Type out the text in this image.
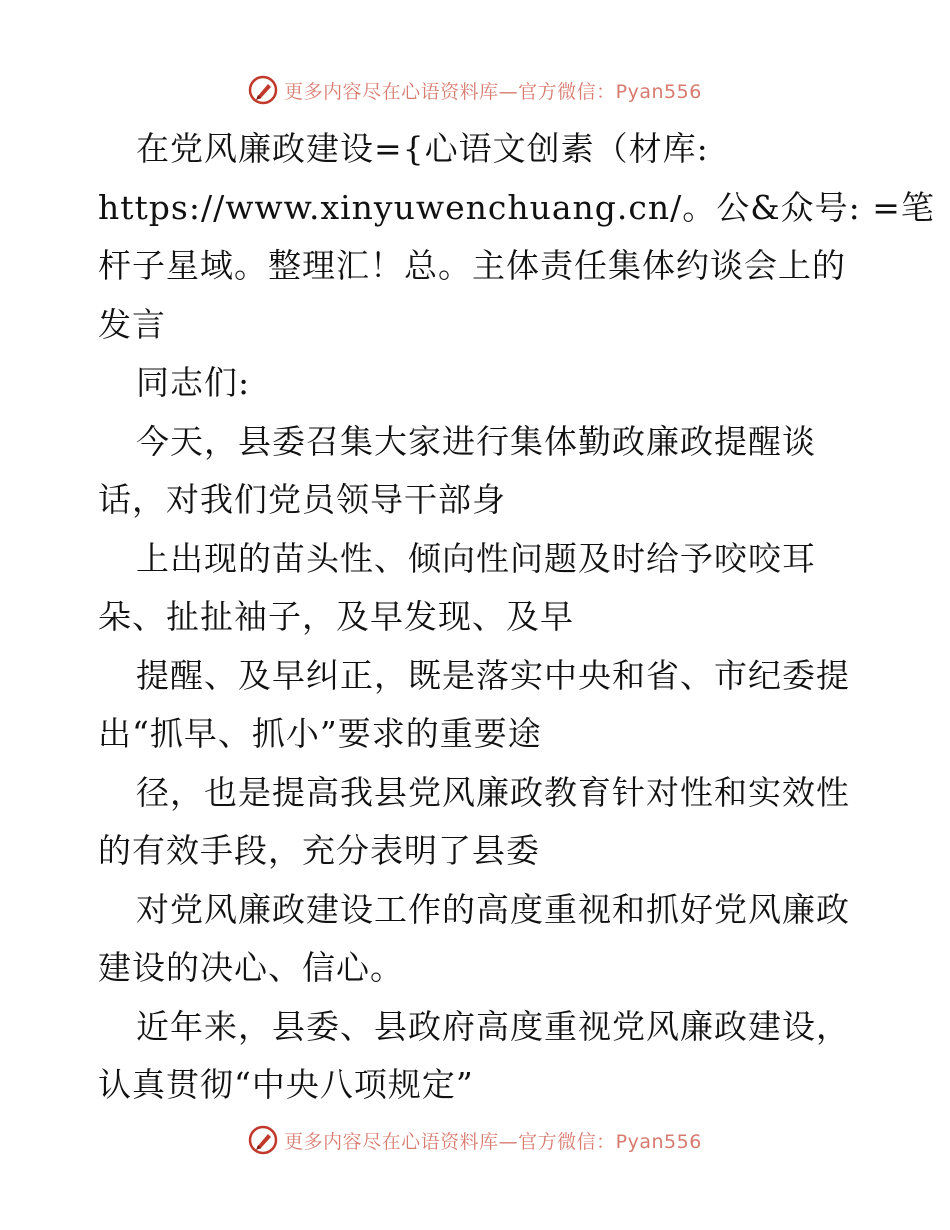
更多内容尽在心语资料库—官方微信：Pyan556
在党风廉政建设={心语文创素（材库:
https://www.xinyuwenchuang.cn/。公&众号: =笔
杆子星域。整理汇！总。主体责任集体约谈会上的
发言
同志们:
今天，县委召集大家进行集体勤政廉政提醒谈
话，对我们党员领导干部身
上出现的苗头性、倾向性问题及时给予咬咬耳
朵、扯扯袖子，及早发现、及早
提醒、及早纠正，既是落实中央和省、市纪委提
出“抓早、抓小”要求的重要途
径，也是提高我县党风廉政教育针对性和实效性
的有效手段，充分表明了县委
对党风廉政建设工作的高度重视和抓好党风廉政
建设的决心、信心。
近年来，县委、县政府高度重视党风廉政建设，
认真贯彻“中央八项规定”
更多内容尽在心语资料库—官方微信：Pyan556
